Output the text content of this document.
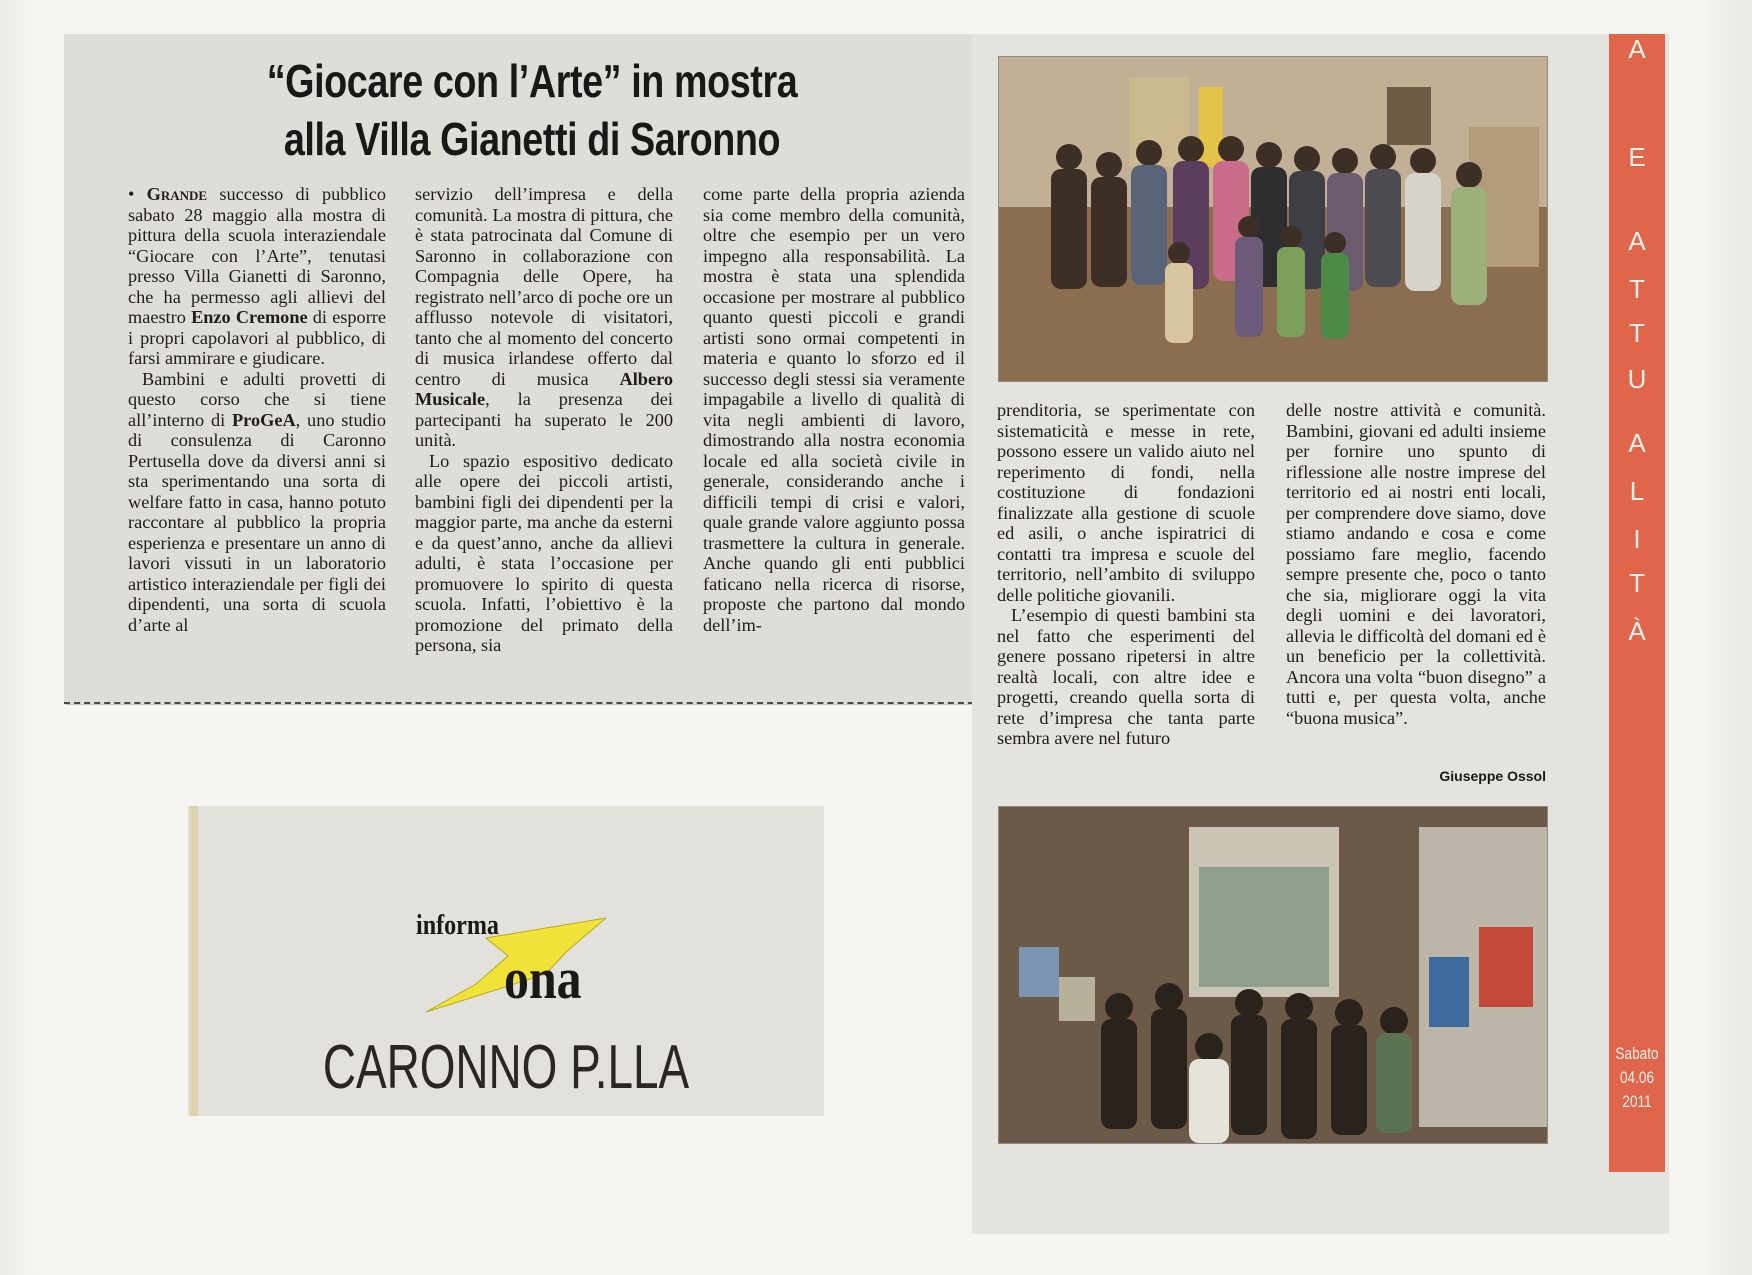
“Giocare con l’Arte” in mostra
alla Villa Gianetti di Saronno

• Grande successo di pubblico sabato 28 maggio alla mostra di pittura della scuola interaziendale “Giocare con l’Arte”, tenutasi presso Villa Gianetti di Saronno, che ha permesso agli allievi del maestro Enzo Cremone di esporre i propri capolavori al pubblico, di farsi ammirare e giudicare.

Bambini e adulti provetti di questo corso che si tiene all’interno di ProGeA, uno studio di consulenza di Caronno Pertusella dove da diversi anni si sta sperimentando una sorta di welfare fatto in casa, hanno potuto raccontare al pubblico la propria esperienza e presentare un anno di lavori vissuti in un laboratorio artistico interaziendale per figli dei dipendenti, una sorta di scuola d’arte al

servizio dell’impresa e della comunità. La mostra di pittura, che è stata patrocinata dal Comune di Saronno in collaborazione con Compagnia delle Opere, ha registrato nell’arco di poche ore un afflusso notevole di visitatori, tanto che al momento del concerto di musica irlandese offerto dal centro di musica Albero Musicale, la presenza dei partecipanti ha superato le 200 unità.

Lo spazio espositivo dedicato alle opere dei piccoli artisti, bambini figli dei dipendenti per la maggior parte, ma anche da esterni e da quest’anno, anche da allievi adulti, è stata l’occasione per promuovere lo spirito di questa scuola. Infatti, l’obiettivo è la promozione del primato della persona, sia

come parte della propria azienda sia come membro della comunità, oltre che esempio per un vero impegno alla responsabilità. La mostra è stata una splendida occasione per mostrare al pubblico quanto questi piccoli e grandi artisti sono ormai competenti in materia e quanto lo sforzo ed il successo degli stessi sia veramente impagabile a livello di qualità di vita negli ambienti di lavoro, dimostrando alla nostra economia locale ed alla società civile in generale, considerando anche i difficili tempi di crisi e valori, quale grande valore aggiunto possa trasmettere la cultura in generale. Anche quando gli enti pubblici faticano nella ricerca di risorse, proposte che partono dal mondo dell’im-

prenditoria, se sperimentate con sistematicità e messe in rete, possono essere un valido aiuto nel reperimento di fondi, nella costituzione di fondazioni finalizzate alla gestione di scuole ed asili, o anche ispiratrici di contatti tra impresa e scuole del territorio, nell’ambito di sviluppo delle politiche giovanili.

L’esempio di questi bambini sta nel fatto che esperimenti del genere possano ripetersi in altre realtà locali, con altre idee e progetti, creando quella sorta di rete d’impresa che tanta parte sembra avere nel futuro

delle nostre attività e comunità. Bambini, giovani ed adulti insieme per fornire uno spunto di riflessione alle nostre imprese del territorio ed ai nostri enti locali, per comprendere dove siamo, dove stiamo andando e cosa e come possiamo fare meglio, facendo sempre presente che, poco o tanto che sia, migliorare oggi la vita degli uomini e dei lavoratori, allevia le difficoltà del domani ed è un beneficio per la collettività. Ancora una volta “buon disegno” a tutti e, per questa volta, anche “buona musica”.

Giuseppe Ossol
A
E
A
T
T
U
A
L
I
T
À
Sabato
04.06
2011
informa
ona
CARONNO P.LLA
